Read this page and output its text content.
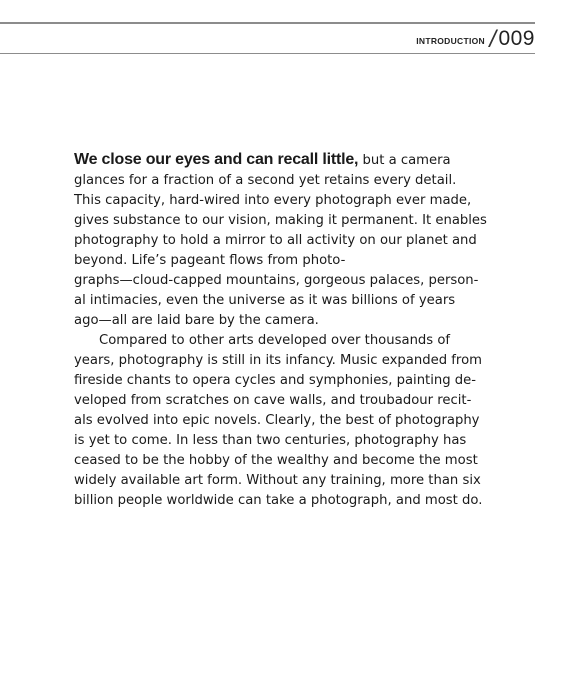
INTRODUCTION / 009
We close our eyes and can recall little, but a camera
glances for a fraction of a second yet retains every detail.
This capacity, hard-wired into every photograph ever made,
gives substance to our vision, making it permanent. It enables
photography to hold a mirror to all activity on our planet and
beyond. Life’s pageant flows from photo-
graphs—cloud-capped mountains, gorgeous palaces, person-
al intimacies, even the universe as it was billions of years
ago—all are laid bare by the camera.
Compared to other arts developed over thousands of
years, photography is still in its infancy. Music expanded from
fireside chants to opera cycles and symphonies, painting de-
veloped from scratches on cave walls, and troubadour recit-
als evolved into epic novels. Clearly, the best of photography
is yet to come. In less than two centuries, photography has
ceased to be the hobby of the wealthy and become the most
widely available art form. Without any training, more than six
billion people worldwide can take a photograph, and most do.
